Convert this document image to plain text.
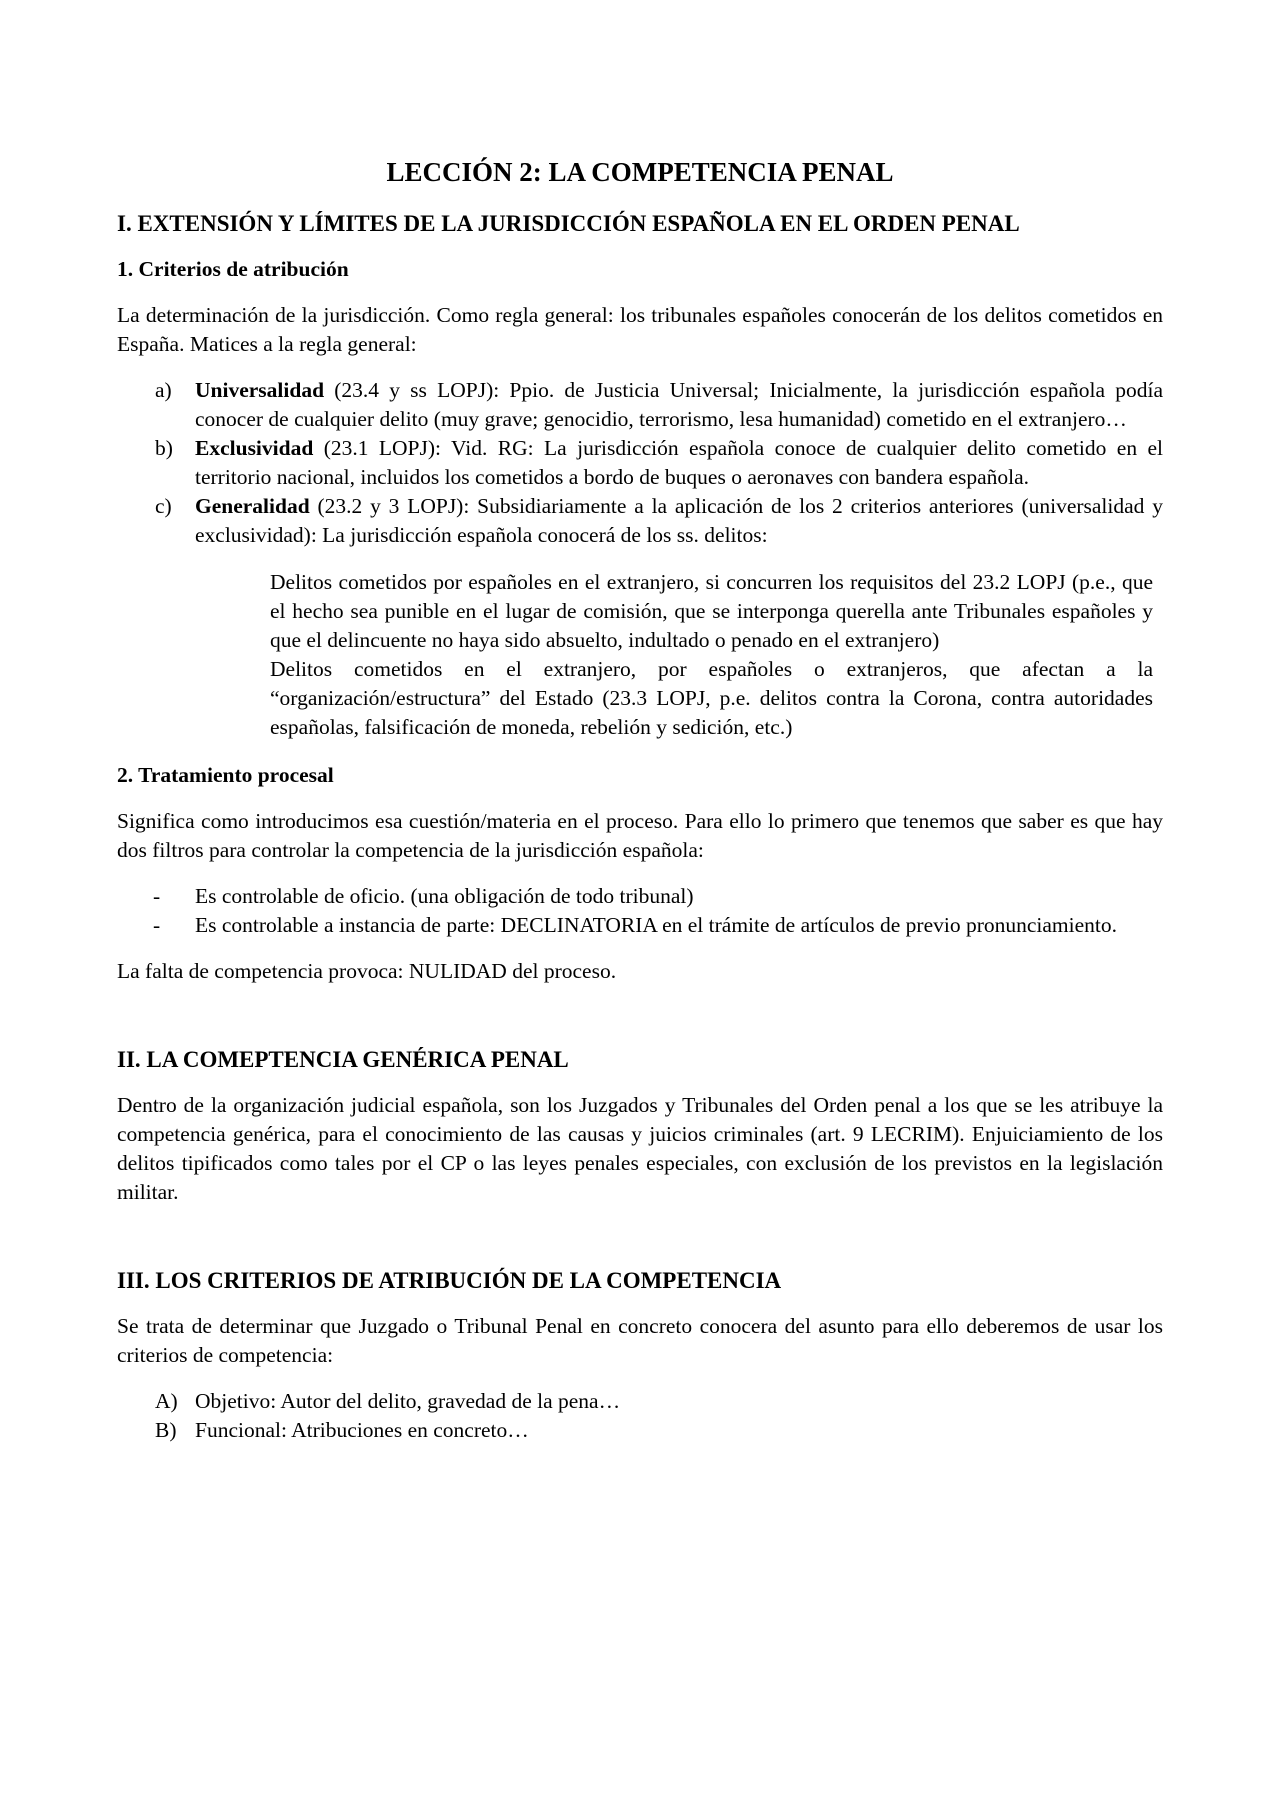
LECCIÓN 2: LA COMPETENCIA PENAL
I. EXTENSIÓN Y LÍMITES DE LA JURISDICCIÓN ESPAÑOLA EN EL ORDEN PENAL
1. Criterios de atribución

La determinación de la jurisdicción. Como regla general: los tribunales españoles conocerán de los delitos cometidos en España. Matices a la regla general:

a) Universalidad (23.4 y ss LOPJ): Ppio. de Justicia Universal; Inicialmente, la jurisdicción española podía conocer de cualquier delito (muy grave; genocidio, terrorismo, lesa humanidad) cometido en el extranjero…
b) Exclusividad (23.1 LOPJ): Vid. RG: La jurisdicción española conoce de cualquier delito cometido en el territorio nacional, incluidos los cometidos a bordo de buques o aeronaves con bandera española.
c) Generalidad (23.2 y 3 LOPJ): Subsidiariamente a la aplicación de los 2 criterios anteriores (universalidad y exclusividad): La jurisdicción española conocerá de los ss. delitos:

Delitos cometidos por españoles en el extranjero, si concurren los requisitos del 23.2 LOPJ (p.e., que el hecho sea punible en el lugar de comisión, que se interponga querella ante Tribunales españoles y que el delincuente no haya sido absuelto, indultado o penado en el extranjero)

Delitos cometidos en el extranjero, por españoles o extranjeros, que afectan a la “organización/estructura” del Estado (23.3 LOPJ, p.e. delitos contra la Corona, contra autoridades españolas, falsificación de moneda, rebelión y sedición, etc.)

2. Tratamiento procesal

Significa como introducimos esa cuestión/materia en el proceso. Para ello lo primero que tenemos que saber es que hay dos filtros para controlar la competencia de la jurisdicción española:

- Es controlable de oficio. (una obligación de todo tribunal)
- Es controlable a instancia de parte: DECLINATORIA en el trámite de artículos de previo pronunciamiento.

La falta de competencia provoca: NULIDAD del proceso.

II. LA COMEPTENCIA GENÉRICA PENAL

Dentro de la organización judicial española, son los Juzgados y Tribunales del Orden penal a los que se les atribuye la competencia genérica, para el conocimiento de las causas y juicios criminales (art. 9 LECRIM). Enjuiciamiento de los delitos tipificados como tales por el CP o las leyes penales especiales, con exclusión de los previstos en la legislación militar.

III. LOS CRITERIOS DE ATRIBUCIÓN DE LA COMPETENCIA

Se trata de determinar que Juzgado o Tribunal Penal en concreto conocera del asunto para ello deberemos de usar los criterios de competencia:

A) Objetivo: Autor del delito, gravedad de la pena…
B) Funcional: Atribuciones en concreto…
